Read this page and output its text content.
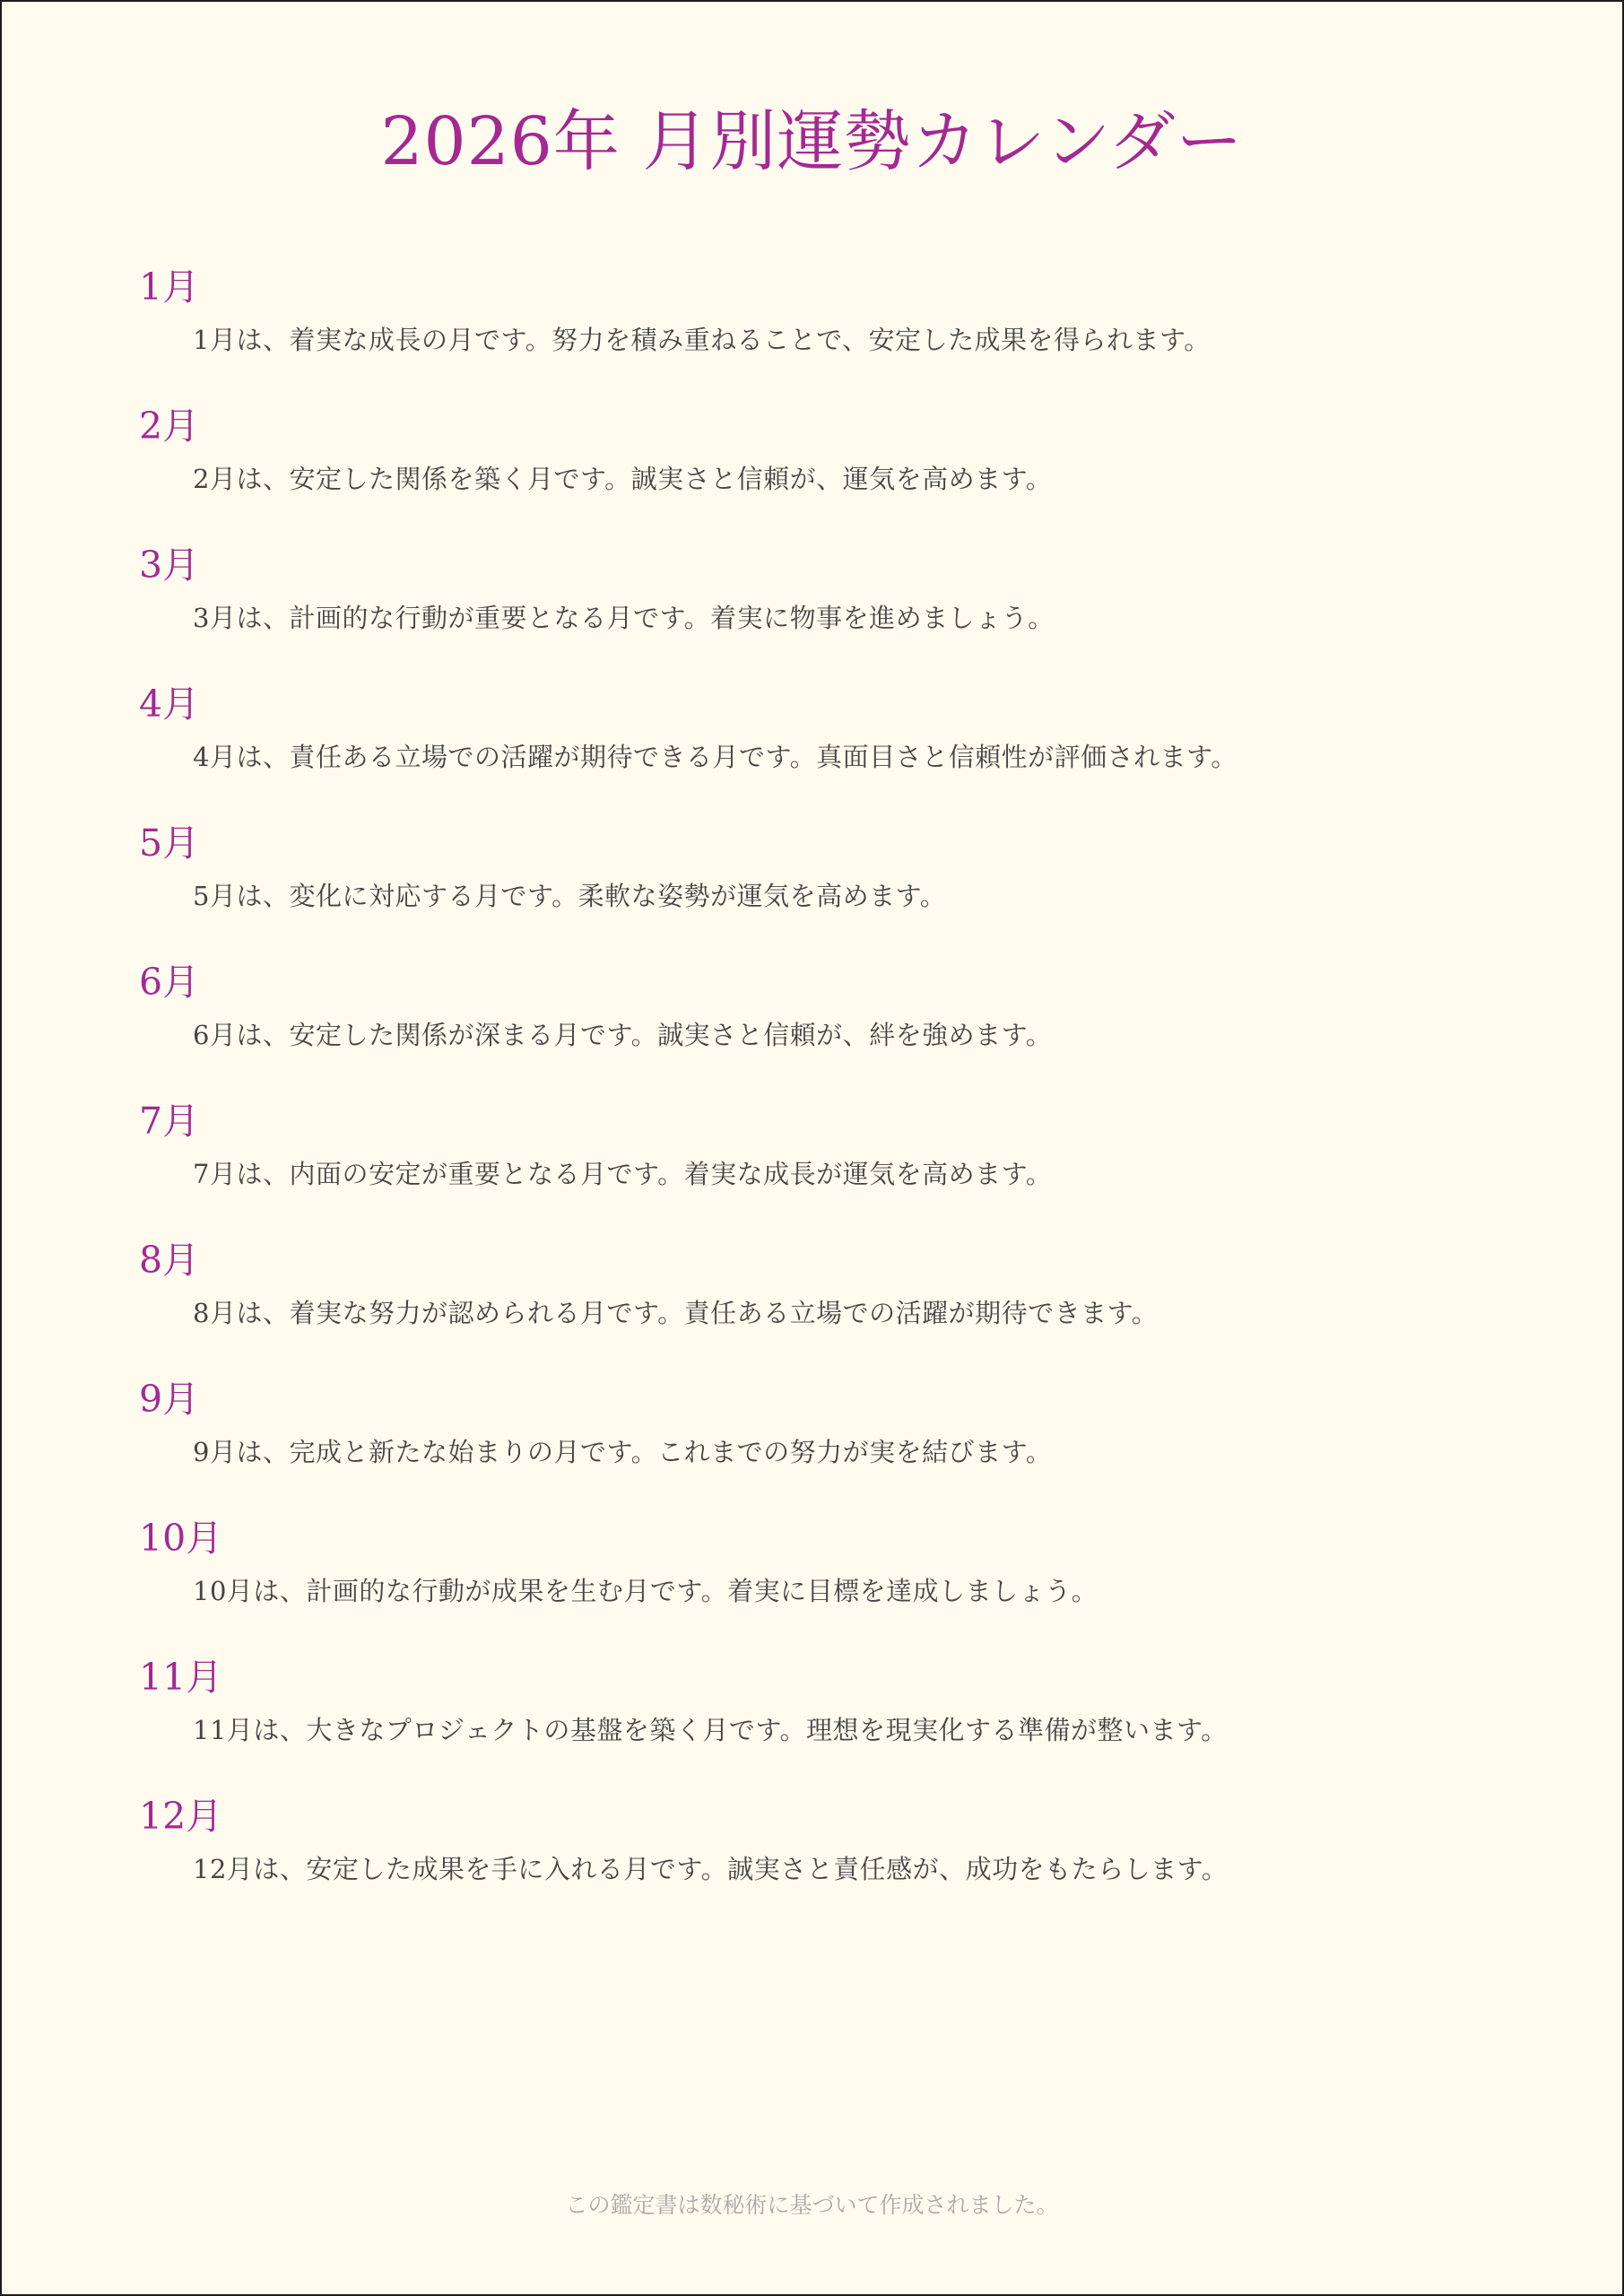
2026年 月別運勢カレンダー
1月

1月は、着実な成長の月です。努力を積み重ねることで、安定した成果を得られます。

2月

2月は、安定した関係を築く月です。誠実さと信頼が、運気を高めます。

3月

3月は、計画的な行動が重要となる月です。着実に物事を進めましょう。

4月

4月は、責任ある立場での活躍が期待できる月です。真面目さと信頼性が評価されます。

5月

5月は、変化に対応する月です。柔軟な姿勢が運気を高めます。

6月

6月は、安定した関係が深まる月です。誠実さと信頼が、絆を強めます。

7月

7月は、内面の安定が重要となる月です。着実な成長が運気を高めます。

8月

8月は、着実な努力が認められる月です。責任ある立場での活躍が期待できます。

9月

9月は、完成と新たな始まりの月です。これまでの努力が実を結びます。

10月

10月は、計画的な行動が成果を生む月です。着実に目標を達成しましょう。

11月

11月は、大きなプロジェクトの基盤を築く月です。理想を現実化する準備が整います。

12月

12月は、安定した成果を手に入れる月です。誠実さと責任感が、成功をもたらします。

この鑑定書は数秘術に基づいて作成されました。
